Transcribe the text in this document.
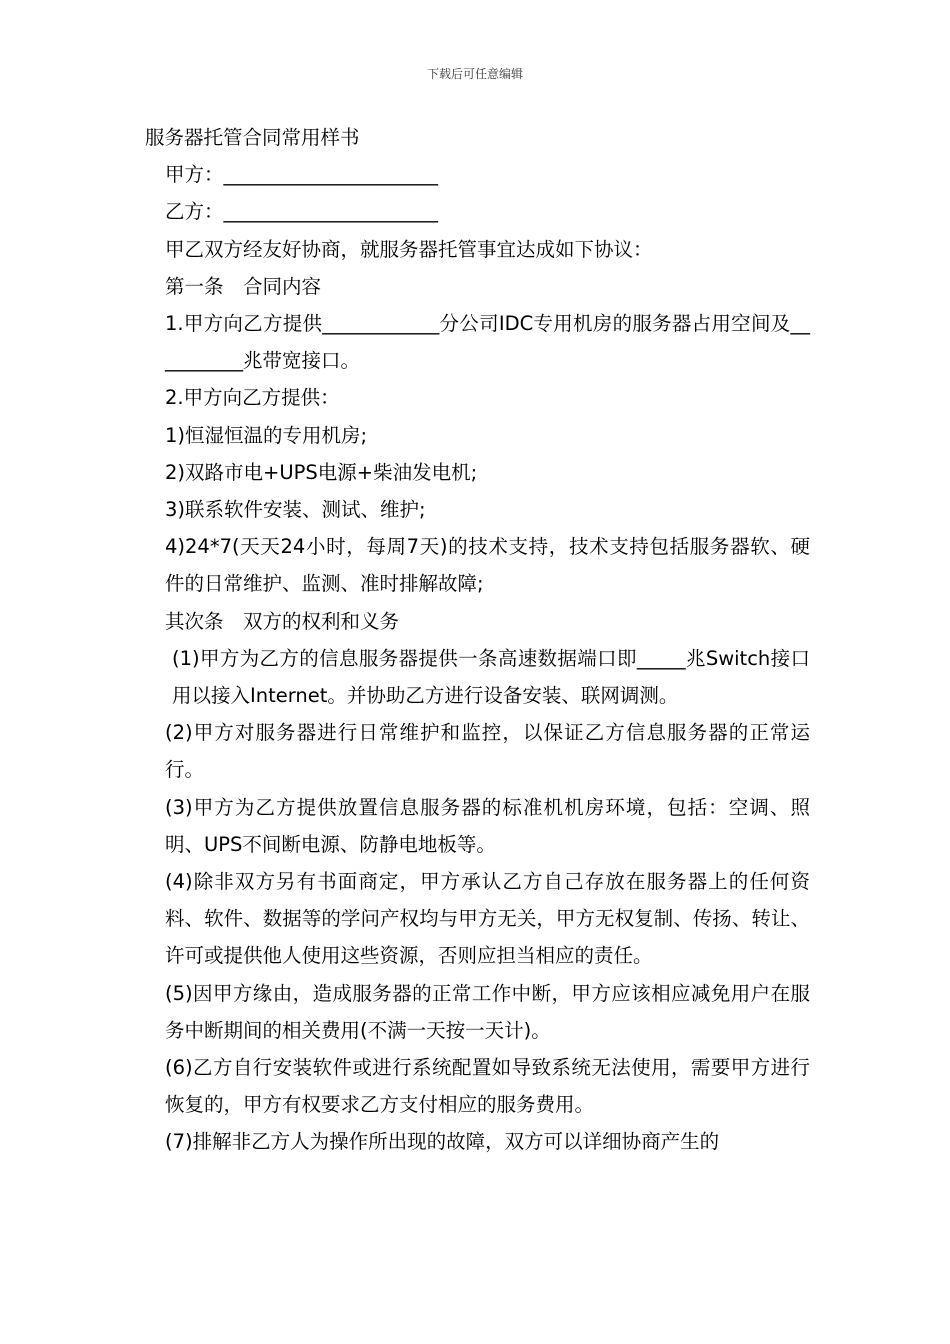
下载后可任意编辑

服务器托管合同常用样书

甲方：______________________

乙方：______________________

甲乙双方经友好协商，就服务器托管事宜达成如下协议：

第一条　合同内容

1.甲方向乙方提供____________分公司IDC专用机房的服务器占用空间及__________兆带宽接口。

2.甲方向乙方提供：

1)恒湿恒温的专用机房;

2)双路市电+UPS电源+柴油发电机;

3)联系软件安装、测试、维护;

4)24*7(天天24小时，每周7天)的技术支持，技术支持包括服务器软、硬件的日常维护、监测、准时排解故障;

其次条　双方的权利和义务

(1)甲方为乙方的信息服务器提供一条高速数据端口即_____兆Switch接口用以接入Internet。并协助乙方进行设备安装、联网调测。

(2)甲方对服务器进行日常维护和监控，以保证乙方信息服务器的正常运行。

(3)甲方为乙方提供放置信息服务器的标准机机房环境，包括：空调、照明、UPS不间断电源、防静电地板等。

(4)除非双方另有书面商定，甲方承认乙方自己存放在服务器上的任何资料、软件、数据等的学问产权均与甲方无关，甲方无权复制、传扬、转让、许可或提供他人使用这些资源，否则应担当相应的责任。

(5)因甲方缘由，造成服务器的正常工作中断，甲方应该相应减免用户在服务中断期间的相关费用(不满一天按一天计)。

(6)乙方自行安装软件或进行系统配置如导致系统无法使用，需要甲方进行恢复的，甲方有权要求乙方支付相应的服务费用。

(7)排解非乙方人为操作所出现的故障，双方可以详细协商产生的
